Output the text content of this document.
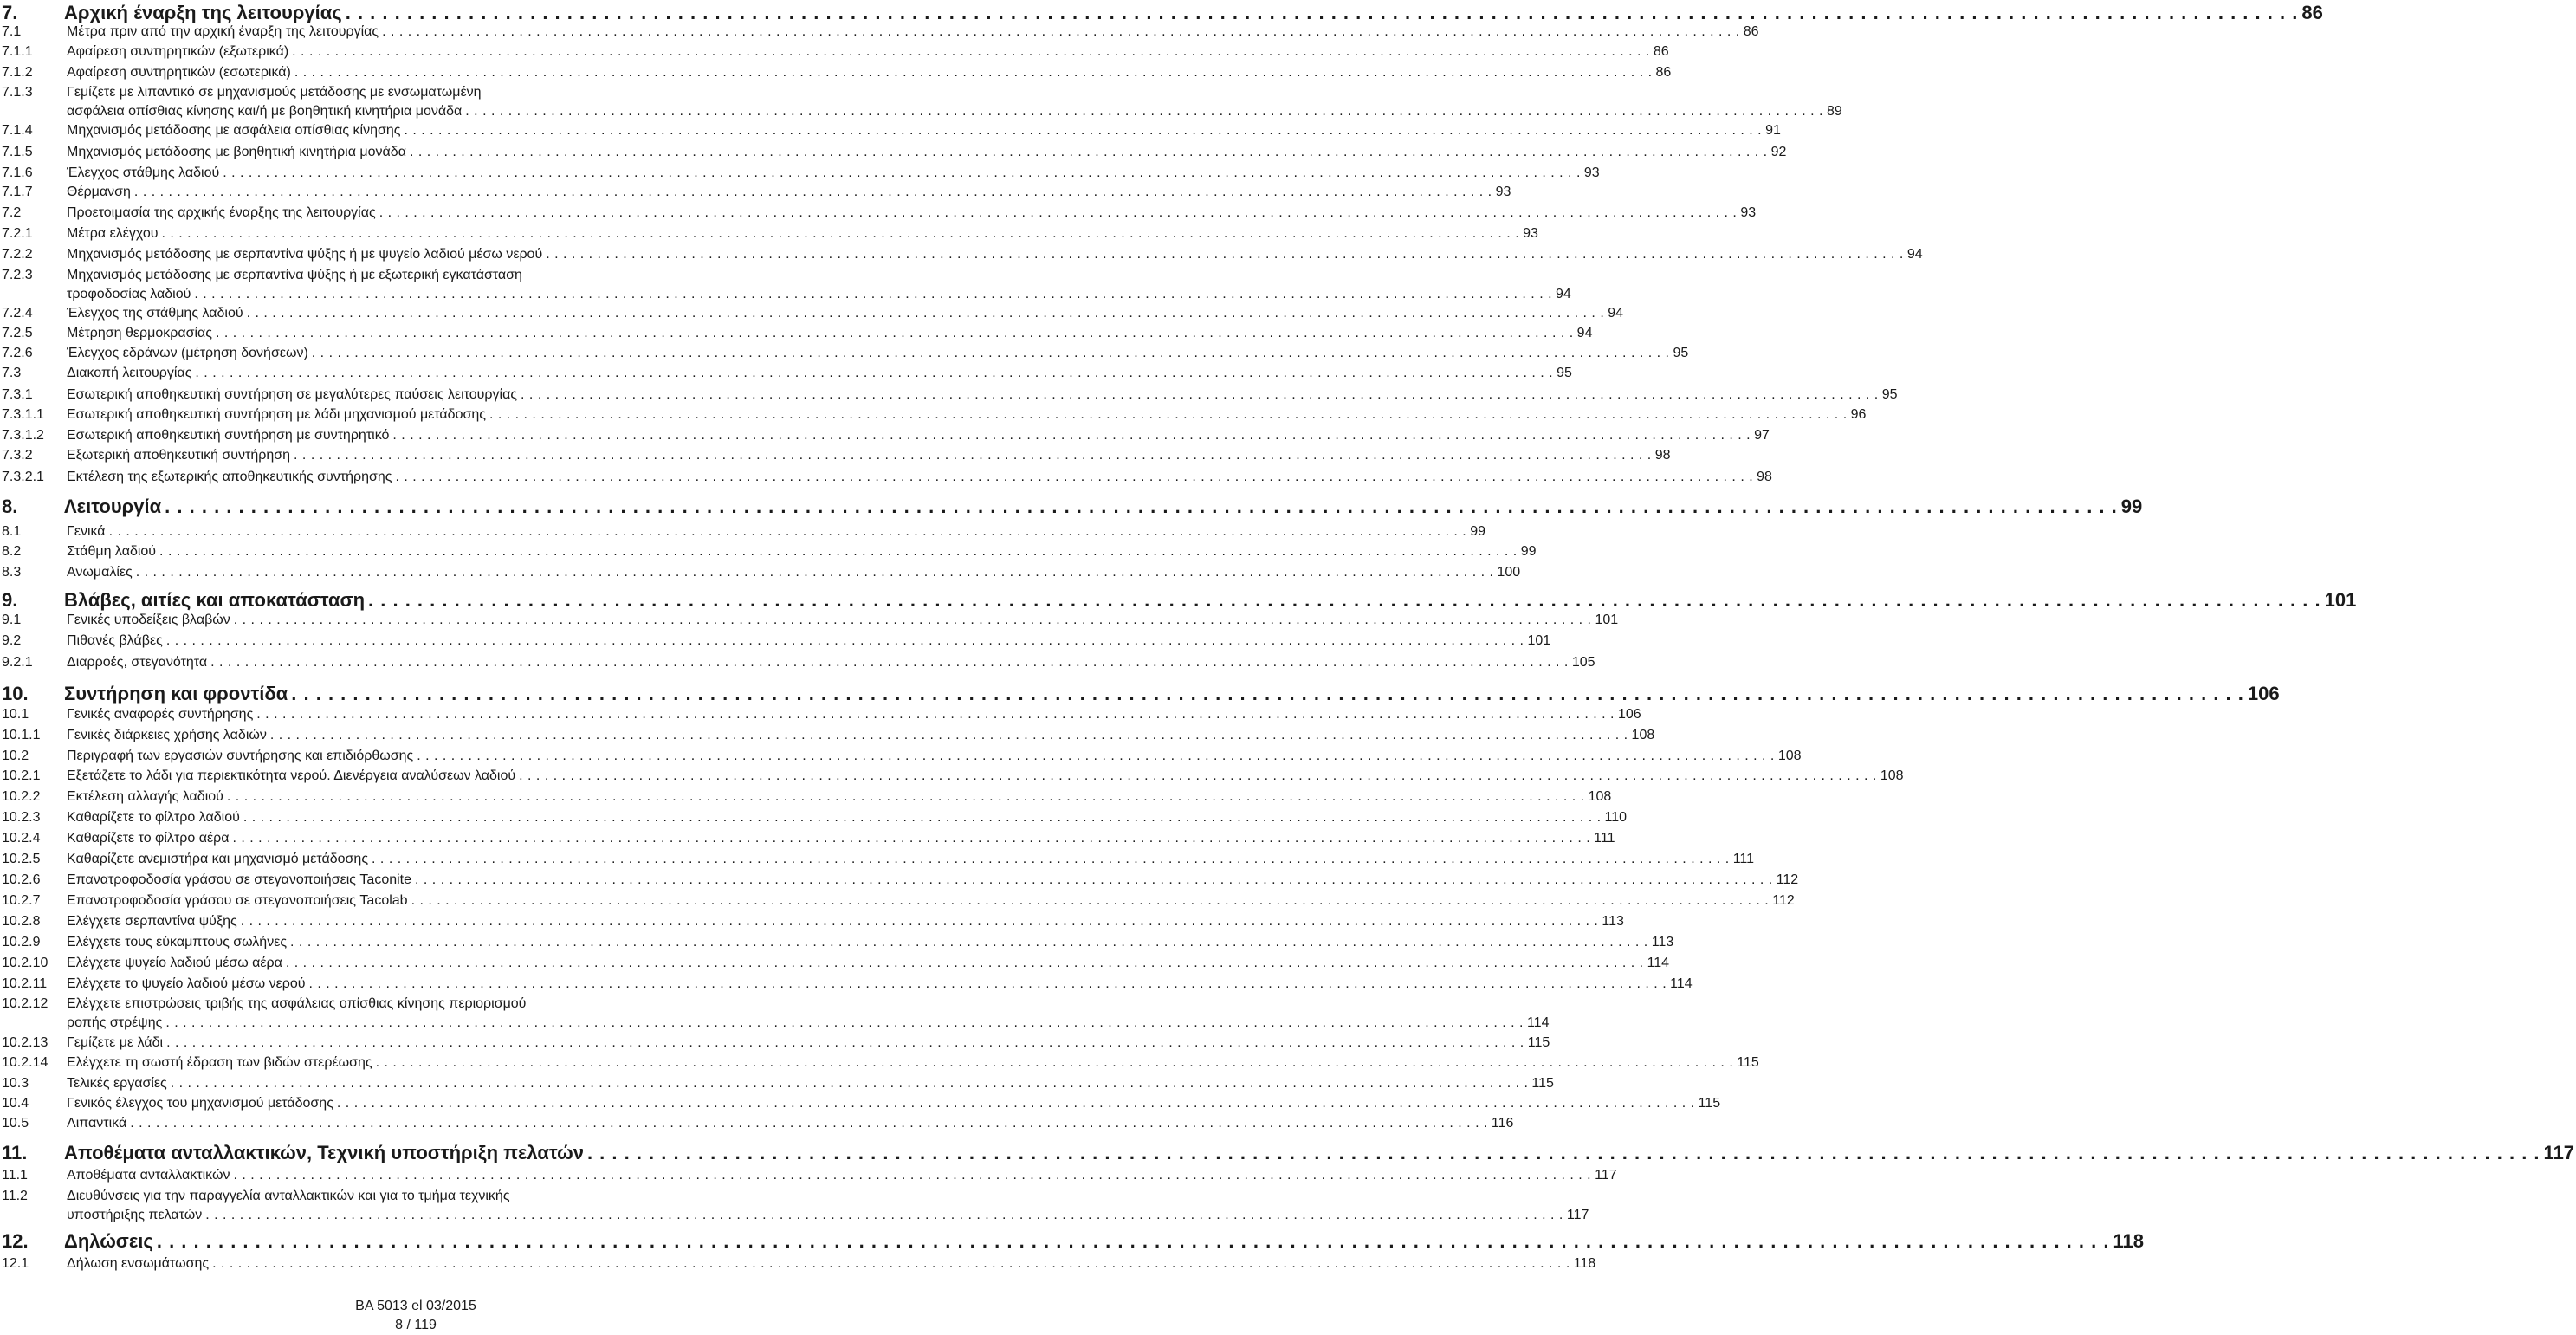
7. Αρχική έναρξη της λειτουργίας . . .	86
7.1	Μέτρα πριν από την αρχική έναρξη της λειτουργίας . . .	86
7.1.1 Αφαίρεση συντηρητικών (εξωτερικά) . . .	86
7.1.2 Αφαίρεση συντηρητικών (εσωτερικά) . . .	86
7.1.3 Γεμίζετε με λιπαντικό σε μηχανισμούς μετάδοσης με ενσωματωμένη
ασφάλεια οπίσθιας κίνησης και/ή με βοηθητική κινητήρια μονάδα . . .	89
7.1.4 Μηχανισμός μετάδοσης με ασφάλεια οπίσθιας κίνησης . . .	91
7.1.5 Μηχανισμός μετάδοσης με βοηθητική κινητήρια μονάδα . . .	92
7.1.6 Έλεγχος στάθμης λαδιού . . .	93
7.1.7 Θέρμανση . . .	93
7.2	Προετοιμασία της αρχικής έναρξης της λειτουργίας . . .	93
7.2.1 Μέτρα ελέγχου . . .	93
7.2.2 Μηχανισμός μετάδοσης με σερπαντίνα ψύξης ή με ψυγείο λαδιού μέσω νερού . . .	94
7.2.3 Μηχανισμός μετάδοσης με σερπαντίνα ψύξης ή με εξωτερική εγκατάσταση
τροφοδοσίας λαδιού . . .	94
7.2.4 Έλεγχος της στάθμης λαδιού . . .	94
7.2.5 Μέτρηση θερμοκρασίας . . .	94
7.2.6 Έλεγχος εδράνων (μέτρηση δονήσεων) . . .	95
7.3	Διακοπή λειτουργίας . . .	95
7.3.1 Εσωτερική αποθηκευτική συντήρηση σε μεγαλύτερες παύσεις λειτουργίας . . .	95
7.3.1.1 Εσωτερική αποθηκευτική συντήρηση με λάδι μηχανισμού μετάδοσης . . .	96
7.3.1.2 Εσωτερική αποθηκευτική συντήρηση με συντηρητικό . . .	97
7.3.2 Εξωτερική αποθηκευτική συντήρηση . . .	98
7.3.2.1 Εκτέλεση της εξωτερικής αποθηκευτικής συντήρησης . . .	98
8. Λειτουργία . . .	99
8.1	Γενικά . . .	99
8.2	Στάθμη λαδιού . . .	99
8.3	Ανωμαλίες . . .	100
9. Βλάβες, αιτίες και αποκατάσταση . . .	101
9.1	Γενικές υποδείξεις βλαβών . . .	101
9.2	Πιθανές βλάβες . . .	101
9.2.1 Διαρροές, στεγανότητα . . .	105
10. Συντήρηση και φροντίδα . . .	106
10.1	Γενικές αναφορές συντήρησης . . .	106
10.1.1 Γενικές διάρκειες χρήσης λαδιών . . .	108
10.2	Περιγραφή των εργασιών συντήρησης και επιδιόρθωσης . . .	108
10.2.1 Εξετάζετε το λάδι για περιεκτικότητα νερού. Διενέργεια αναλύσεων λαδιού . . .	108
10.2.2 Εκτέλεση αλλαγής λαδιού . . .	108
10.2.3 Καθαρίζετε το φίλτρο λαδιού . . .	110
10.2.4 Καθαρίζετε το φίλτρο αέρα . . .	111
10.2.5 Καθαρίζετε ανεμιστήρα και μηχανισμό μετάδοσης . . .	111
10.2.6 Επανατροφοδοσία γράσου σε στεγανοποιήσεις Taconite . . .	112
10.2.7 Επανατροφοδοσία γράσου σε στεγανοποιήσεις Tacolab . . .	112
10.2.8 Ελέγχετε σερπαντίνα ψύξης . . .	113
10.2.9 Ελέγχετε τους εύκαμπτους σωλήνες . . .	113
10.2.10 Ελέγχετε ψυγείο λαδιού μέσω αέρα . . .	114
10.2.11 Ελέγχετε το ψυγείο λαδιού μέσω νερού . . .	114
10.2.12 Ελέγχετε επιστρώσεις τριβής της ασφάλειας οπίσθιας κίνησης περιορισμού
ροπής στρέψης . . .	114
10.2.13 Γεμίζετε με λάδι . . .	115
10.2.14 Ελέγχετε τη σωστή έδραση των βιδών στερέωσης . . .	115
10.3	Τελικές εργασίες . . .	115
10.4	Γενικός έλεγχος του μηχανισμού μετάδοσης . . .	115
10.5	Λιπαντικά . . .	116
11. Αποθέματα ανταλλακτικών, Τεχνική υποστήριξη πελατών . . .	117
11.1	Αποθέματα ανταλλακτικών . . .	117
11.2	Διευθύνσεις για την παραγγελία ανταλλακτικών και για το τμήμα τεχνικής
υποστήριξης πελατών . . .	117
12. Δηλώσεις . . .	118
12.1	Δήλωση ενσωμάτωσης . . .	118
BA 5013 el 03/2015
8 / 119
